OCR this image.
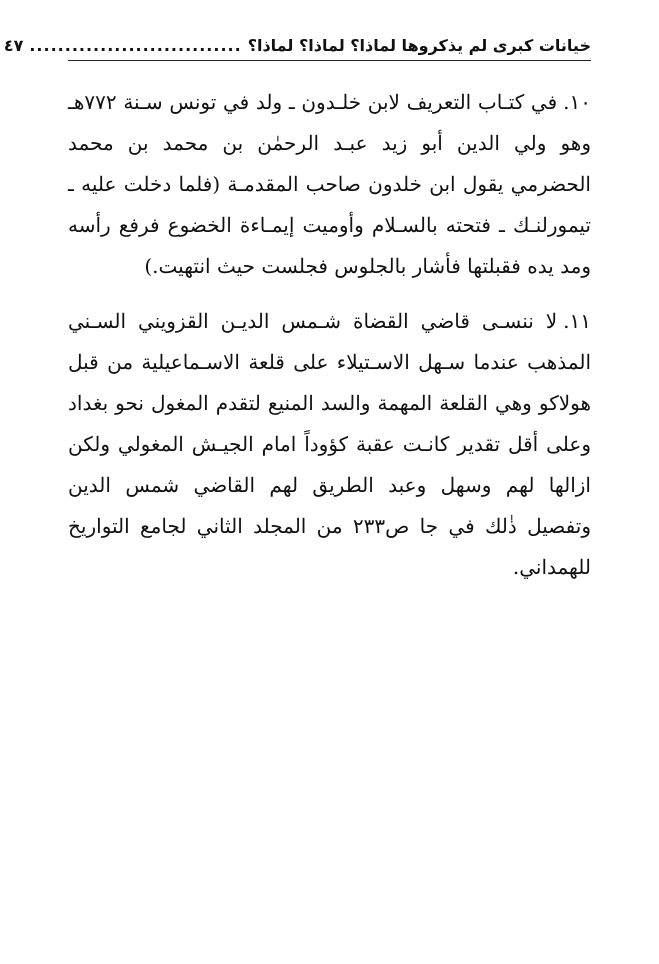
خيانات كبرى لم يذكروها لماذا؟ لماذا؟ لماذا؟
..............................
٤٧

١٠.في كتـاب التعريف لابن خلـدون ـ ولد في تونس سـنة ٧٧٢هـ وهو ولي الدين أبو زيد عبـد الرحمٰن بن محمد بن محمد الحضرمي يقول ابن خلدون صاحب المقدمـة (فلما دخلت عليه ـ تيمورلنـك ـ فتحته بالسـلام وأوميت إيمـاءة الخضوع فرفع رأسه ومد يده فقبلتها فأشار بالجلوس فجلست حيث انتهيت.)

١١.لا ننسـى قاضي القضاة شـمس الديـن القزويني السـني المذهب عندما سـهل الاسـتيلاء على قلعة الاسـماعيلية من قبل هولاكو وهي القلعة المهمة والسد المنيع لتقدم المغول نحو بغداد وعلى أقل تقدير كانـت عقبة كؤوداً امام الجيـش المغولي ولكن ازالها لهم وسهل وعبد الطريق لهم القاضي شمس الدين وتفصيل ذٰلك في جا ص٢٣٣ من المجلد الثاني لجامع التواريخ للهمداني.
